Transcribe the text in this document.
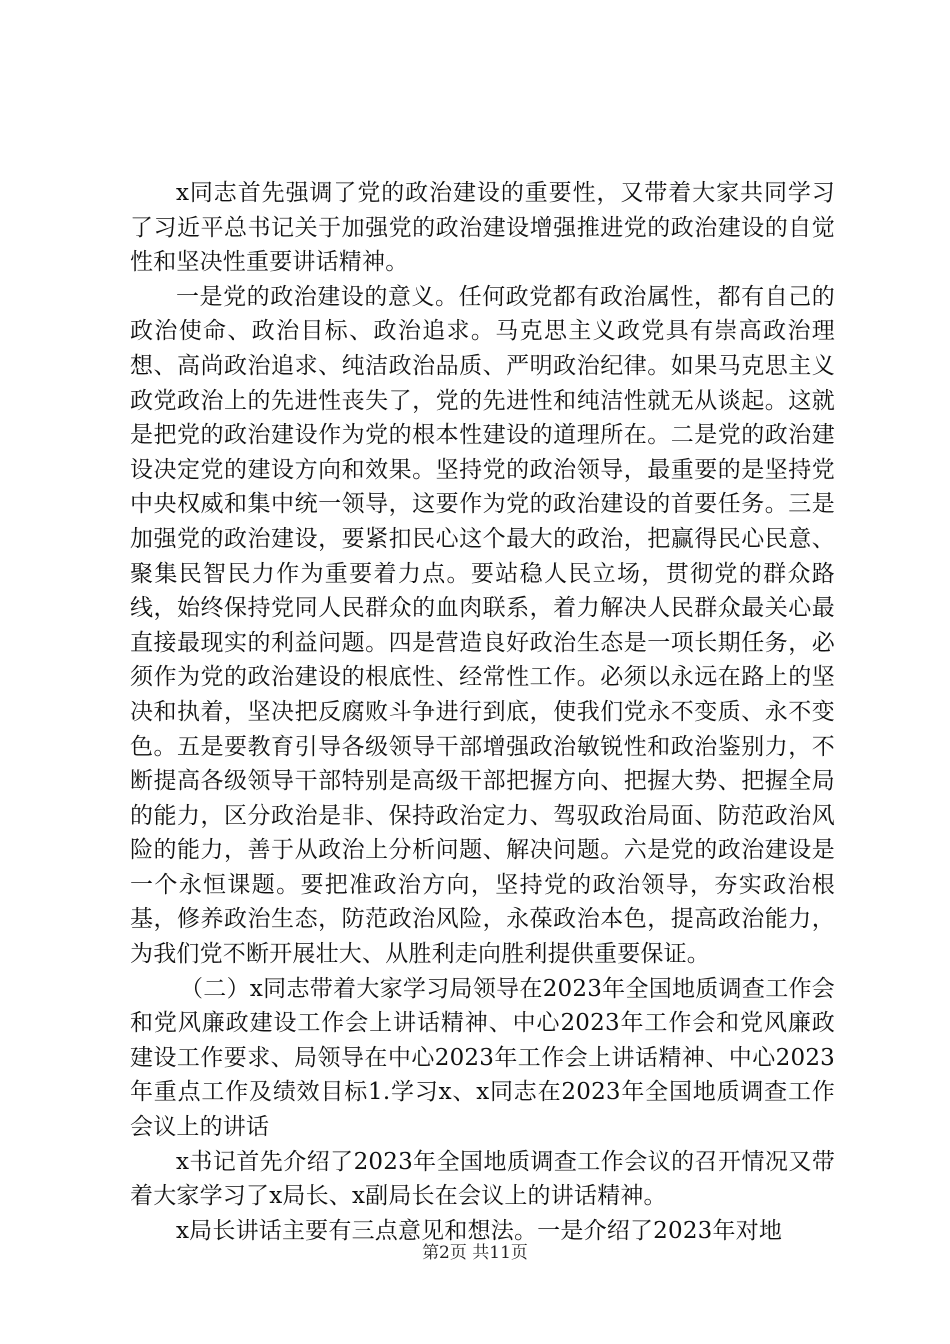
x同志首先强调了党的政治建设的重要性，又带着大家共同学习了习近平总书记关于加强党的政治建设增强推进党的政治建设的自觉性和坚决性重要讲话精神。

一是党的政治建设的意义。任何政党都有政治属性，都有自己的政治使命、政治目标、政治追求。马克思主义政党具有崇高政治理想、高尚政治追求、纯洁政治品质、严明政治纪律。如果马克思主义政党政治上的先进性丧失了，党的先进性和纯洁性就无从谈起。这就是把党的政治建设作为党的根本性建设的道理所在。二是党的政治建设决定党的建设方向和效果。坚持党的政治领导，最重要的是坚持党中央权威和集中统一领导，这要作为党的政治建设的首要任务。三是加强党的政治建设，要紧扣民心这个最大的政治，把赢得民心民意、聚集民智民力作为重要着力点。要站稳人民立场，贯彻党的群众路线，始终保持党同人民群众的血肉联系，着力解决人民群众最关心最直接最现实的利益问题。四是营造良好政治生态是一项长期任务，必须作为党的政治建设的根底性、经常性工作。必须以永远在路上的坚决和执着，坚决把反腐败斗争进行到底，使我们党永不变质、永不变色。五是要教育引导各级领导干部增强政治敏锐性和政治鉴别力，不断提高各级领导干部特别是高级干部把握方向、把握大势、把握全局的能力，区分政治是非、保持政治定力、驾驭政治局面、防范政治风险的能力，善于从政治上分析问题、解决问题。六是党的政治建设是一个永恒课题。要把准政治方向，坚持党的政治领导，夯实政治根基，修养政治生态，防范政治风险，永葆政治本色，提高政治能力，为我们党不断开展壮大、从胜利走向胜利提供重要保证。

（二）x同志带着大家学习局领导在2023年全国地质调查工作会和党风廉政建设工作会上讲话精神、中心2023年工作会和党风廉政建设工作要求、局领导在中心2023年工作会上讲话精神、中心2023年重点工作及绩效目标1.学习x、x同志在2023年全国地质调查工作会议上的讲话

x书记首先介绍了2023年全国地质调查工作会议的召开情况又带着大家学习了x局长、x副局长在会议上的讲话精神。

x局长讲话主要有三点意见和想法。一是介绍了2023年对地

第2页 共11页
